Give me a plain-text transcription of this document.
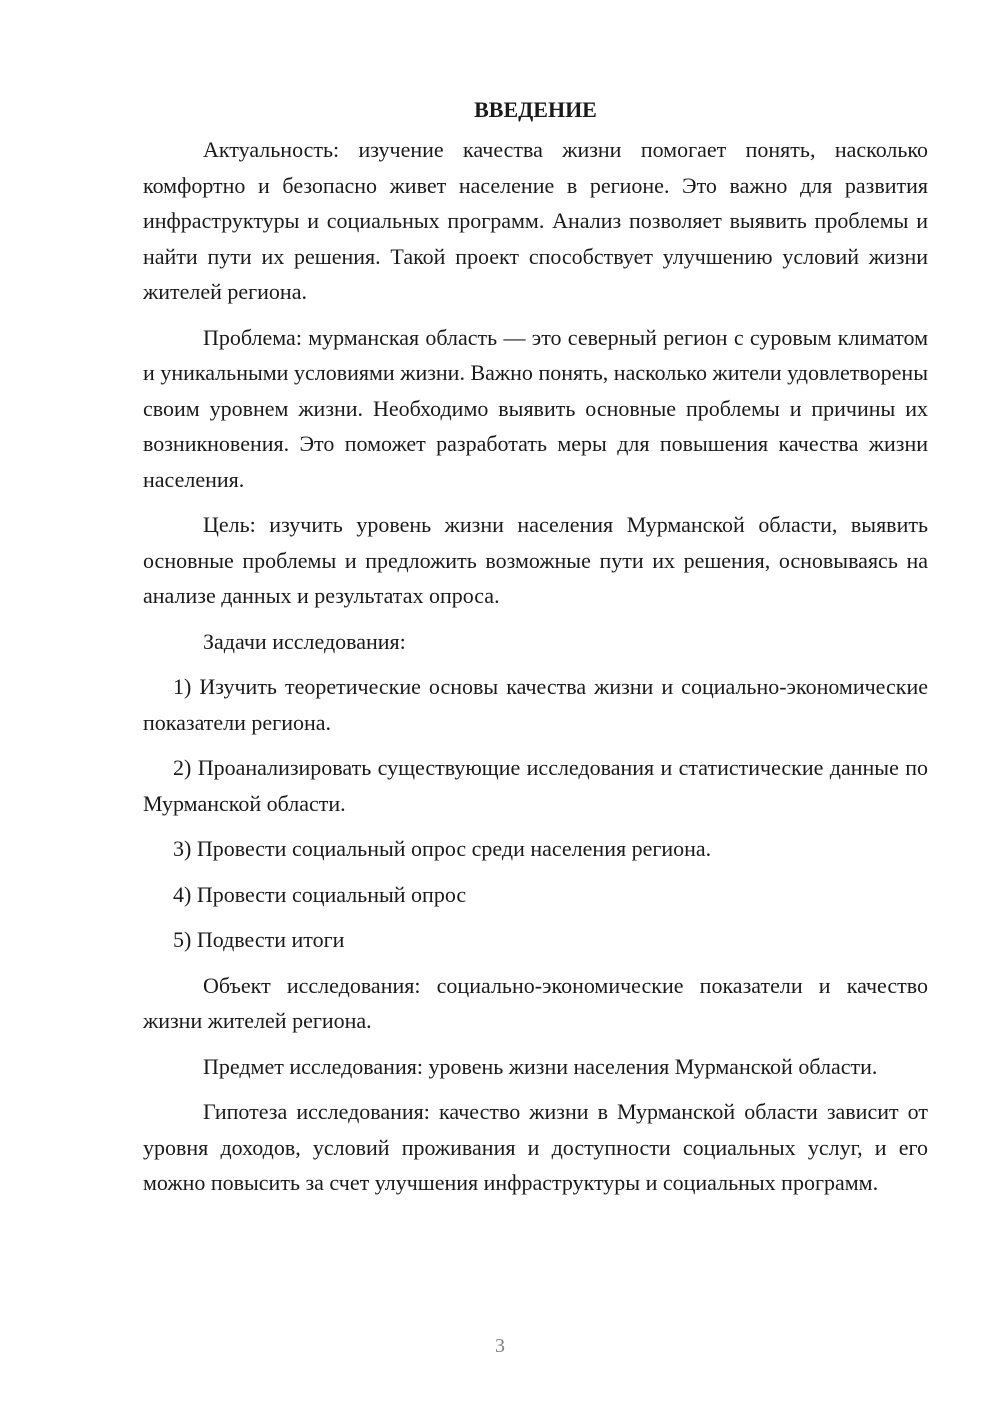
ВВЕДЕНИЕ

Актуальность: изучение качества жизни помогает понять, насколько комфортно и безопасно живет население в регионе. Это важно для развития инфраструктуры и социальных программ. Анализ позволяет выявить проблемы и найти пути их решения. Такой проект способствует улучшению условий жизни жителей региона.

Проблема: мурманская область — это северный регион с суровым климатом и уникальными условиями жизни. Важно понять, насколько жители удовлетворены своим уровнем жизни. Необходимо выявить основные проблемы и причины их возникновения. Это поможет разработать меры для повышения качества жизни населения.

Цель: изучить уровень жизни населения Мурманской области, выявить основные проблемы и предложить возможные пути их решения, основываясь на анализе данных и результатах опроса.

Задачи исследования:

1) Изучить теоретические основы качества жизни и социально-экономические показатели региона.

2) Проанализировать существующие исследования и статистические данные по Мурманской области.

3) Провести социальный опрос среди населения региона.

4) Провести социальный опрос

5) Подвести итоги

Объект исследования: социально-экономические показатели и качество жизни жителей региона.

Предмет исследования: уровень жизни населения Мурманской области.

Гипотеза исследования: качество жизни в Мурманской области зависит от уровня доходов, условий проживания и доступности социальных услуг, и его можно повысить за счет улучшения инфраструктуры и социальных программ.

3
